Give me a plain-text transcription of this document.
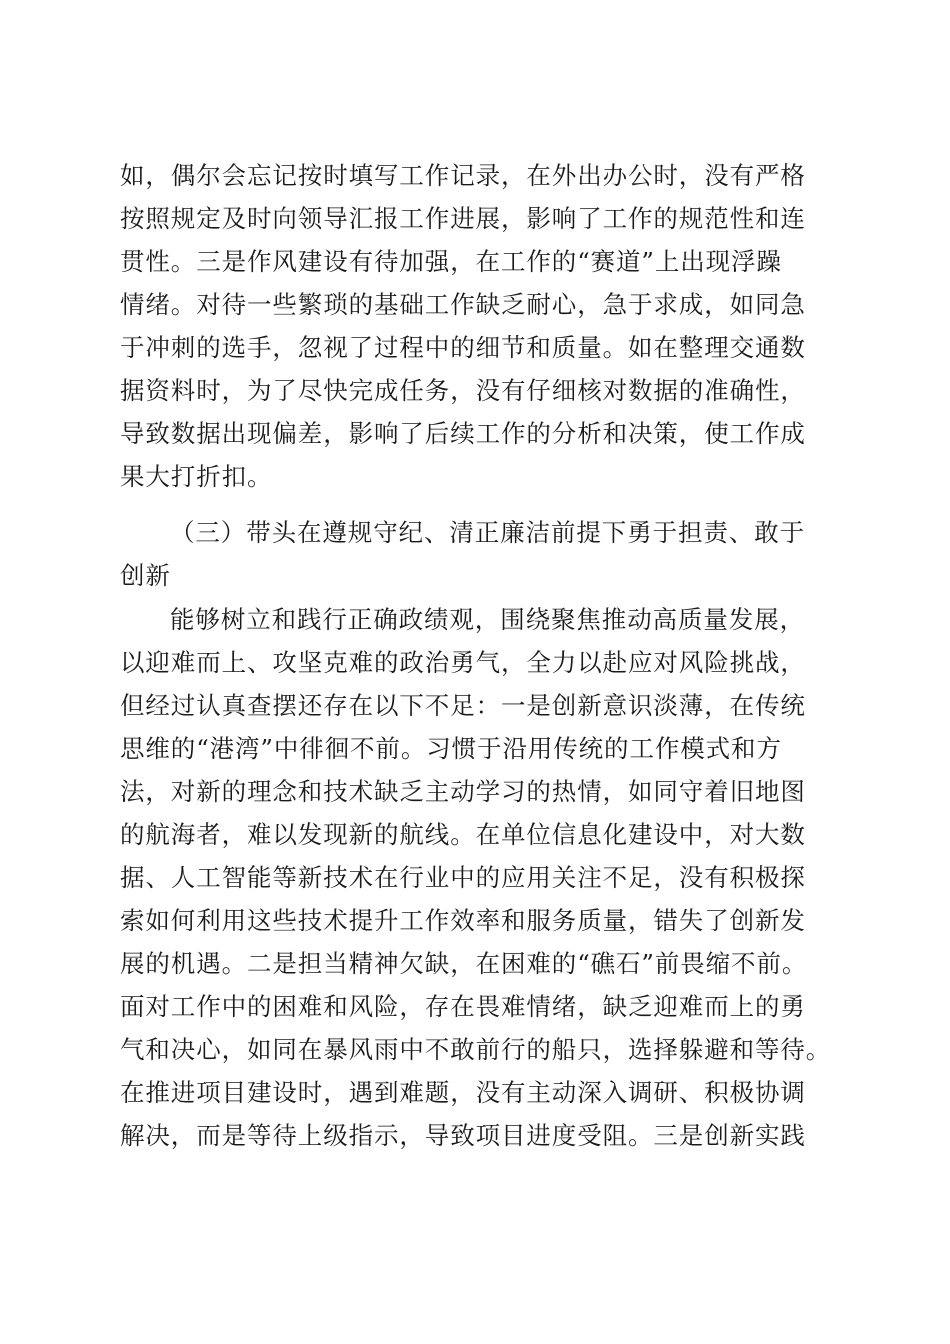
如，偶尔会忘记按时填写工作记录，在外出办公时，没有严格
按照规定及时向领导汇报工作进展，影响了工作的规范性和连
贯性。三是作风建设有待加强，在工作的“赛道”上出现浮躁
情绪。对待一些繁琐的基础工作缺乏耐心，急于求成，如同急
于冲刺的选手，忽视了过程中的细节和质量。如在整理交通数
据资料时，为了尽快完成任务，没有仔细核对数据的准确性，
导致数据出现偏差，影响了后续工作的分析和决策，使工作成
果大打折扣。
（三）带头在遵规守纪、清正廉洁前提下勇于担责、敢于
创新
能够树立和践行正确政绩观，围绕聚焦推动高质量发展，
以迎难而上、攻坚克难的政治勇气，全力以赴应对风险挑战，
但经过认真查摆还存在以下不足：一是创新意识淡薄，在传统
思维的“港湾”中徘徊不前。习惯于沿用传统的工作模式和方
法，对新的理念和技术缺乏主动学习的热情，如同守着旧地图
的航海者，难以发现新的航线。在单位信息化建设中，对大数
据、人工智能等新技术在行业中的应用关注不足，没有积极探
索如何利用这些技术提升工作效率和服务质量，错失了创新发
展的机遇。二是担当精神欠缺，在困难的“礁石”前畏缩不前。
面对工作中的困难和风险，存在畏难情绪，缺乏迎难而上的勇
气和决心，如同在暴风雨中不敢前行的船只，选择躲避和等待。
在推进项目建设时，遇到难题，没有主动深入调研、积极协调
解决，而是等待上级指示，导致项目进度受阻。三是创新实践
